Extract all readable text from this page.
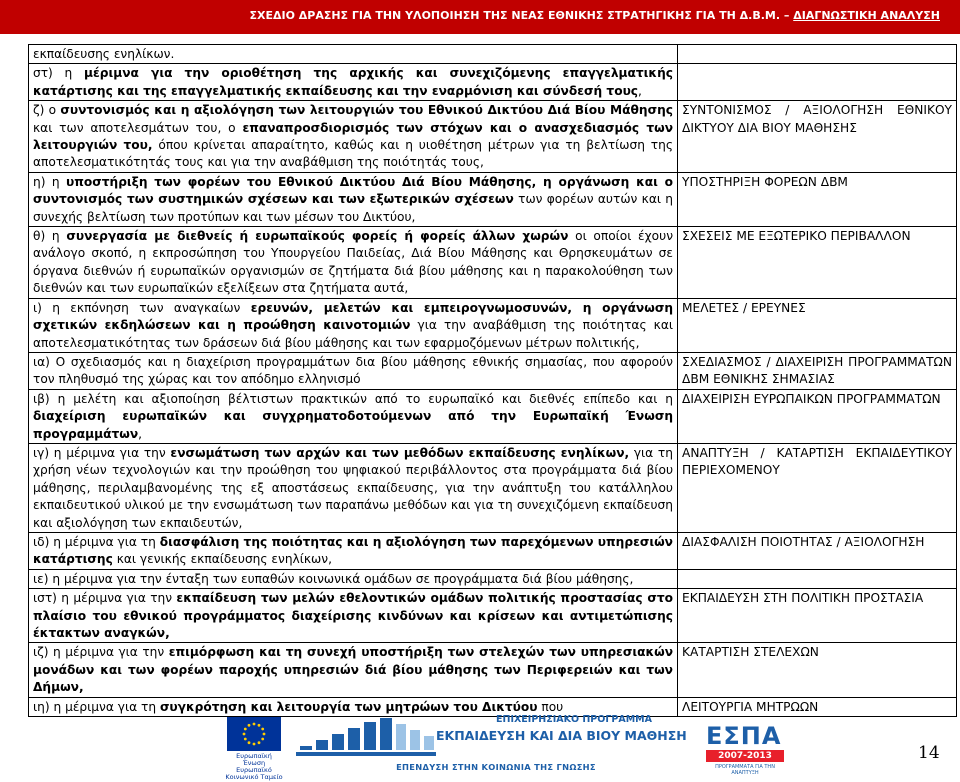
ΣΧΕΔΙΟ ΔΡΑΣΗΣ ΓΙΑ ΤΗΝ ΥΛΟΠΟΙΗΣΗ ΤΗΣ ΝΕΑΣ ΕΘΝΙΚΗΣ ΣΤΡΑΤΗΓΙΚΗΣ ΓΙΑ ΤΗ Δ.Β.Μ. – ΔΙΑΓΝΩΣΤΙΚΗ ΑΝΑΛΥΣΗ
εκπαίδευσης ενηλίκων.	
στ) η μέριμνα για την οριοθέτηση της αρχικής και συνεχιζόμενης επαγγελματικής κατάρτισης και της επαγγελματικής εκπαίδευσης και την εναρμόνιση και σύνδεσή τους,	
ζ) ο συντονισμός και η αξιολόγηση των λειτουργιών του Εθνικού Δικτύου Διά Βίου Μάθησης και των αποτελεσμάτων του, ο επαναπροσδιορισμός των στόχων και ο ανασχεδιασμός των λειτουργιών του, όπου κρίνεται απαραίτητο, καθώς και η υιοθέτηση μέτρων για τη βελτίωση της αποτελεσματικότητάς τους και για την αναβάθμιση της ποιότητάς τους,	ΣΥΝΤΟΝΙΣΜΟΣ / ΑΞΙΟΛΟΓΗΣΗ ΕΘΝΙΚΟΥ ΔΙΚΤΥΟΥ ΔΙΑ ΒΙΟΥ ΜΑΘΗΣΗΣ
η) η υποστήριξη των φορέων του Εθνικού Δικτύου Διά Βίου Μάθησης, η οργάνωση και ο συντονισμός των συστημικών σχέσεων και των εξωτερικών σχέσεων των φορέων αυτών και η συνεχής βελτίωση των προτύπων και των μέσων του Δικτύου,	ΥΠΟΣΤΗΡΙΞΗ ΦΟΡΕΩΝ ΔΒΜ
θ) η συνεργασία με διεθνείς ή ευρωπαϊκούς φορείς ή φορείς άλλων χωρών οι οποίοι έχουν ανάλογο σκοπό, η εκπροσώπηση του Υπουργείου Παιδείας, Διά Βίου Μάθησης και Θρησκευμάτων σε όργανα διεθνών ή ευρωπαϊκών οργανισμών σε ζητήματα διά βίου μάθησης και η παρακολούθηση των διεθνών και των ευρωπαϊκών εξελίξεων στα ζητήματα αυτά,	ΣΧΕΣΕΙΣ ΜΕ ΕΞΩΤΕΡΙΚΟ ΠΕΡΙΒΑΛΛΟΝ
ι) η εκπόνηση των αναγκαίων ερευνών, μελετών και εμπειρογνωμοσυνών, η οργάνωση σχετικών εκδηλώσεων και η προώθηση καινοτομιών για την αναβάθμιση της ποιότητας και αποτελεσματικότητας των δράσεων διά βίου μάθησης και των εφαρμοζόμενων μέτρων πολιτικής,	ΜΕΛΕΤΕΣ / ΕΡΕΥΝΕΣ
ια) Ο σχεδιασμός και η διαχείριση προγραμμάτων δια βίου μάθησης εθνικής σημασίας, που αφορούν τον πληθυσμό της χώρας και τον απόδημο ελληνισμό	ΣΧΕΔΙΑΣΜΟΣ / ΔΙΑΧΕΙΡΙΣΗ ΠΡΟΓΡΑΜΜΑΤΩΝ ΔΒΜ ΕΘΝΙΚΗΣ ΣΗΜΑΣΙΑΣ
ιβ) η μελέτη και αξιοποίηση βέλτιστων πρακτικών από το ευρωπαϊκό και διεθνές επίπεδο και η διαχείριση ευρωπαϊκών και συγχρηματοδοτούμενων από την Ευρωπαϊκή Ένωση προγραμμάτων,	ΔΙΑΧΕΙΡΙΣΗ ΕΥΡΩΠΑΙΚΩΝ ΠΡΟΓΡΑΜΜΑΤΩΝ
ιγ) η μέριμνα για την ενσωμάτωση των αρχών και των μεθόδων εκπαίδευσης ενηλίκων, για τη χρήση νέων τεχνολογιών και την προώθηση του ψηφιακού περιβάλλοντος στα προγράμματα διά βίου μάθησης, περιλαμβανομένης της εξ αποστάσεως εκπαίδευσης, για την ανάπτυξη του κατάλληλου εκπαιδευτικού υλικού με την ενσωμάτωση των παραπάνω μεθόδων και για τη συνεχιζόμενη εκπαίδευση και αξιολόγηση των εκπαιδευτών,	ΑΝΑΠΤΥΞΗ / ΚΑΤΑΡΤΙΣΗ ΕΚΠΑΙΔΕΥΤΙΚΟΥ ΠΕΡΙΕΧΟΜΕΝΟΥ
ιδ) η μέριμνα για τη διασφάλιση της ποιότητας και η αξιολόγηση των παρεχόμενων υπηρεσιών κατάρτισης και γενικής εκπαίδευσης ενηλίκων,	ΔΙΑΣΦΑΛΙΣΗ ΠΟΙΟΤΗΤΑΣ / ΑΞΙΟΛΟΓΗΣΗ
ιε) η μέριμνα για την ένταξη των ευπαθών κοινωνικά ομάδων σε προγράμματα διά βίου μάθησης,	
ιστ) η μέριμνα για την εκπαίδευση των μελών εθελοντικών ομάδων πολιτικής προστασίας στο πλαίσιο του εθνικού προγράμματος διαχείρισης κινδύνων και κρίσεων και αντιμετώπισης έκτακτων αναγκών,	ΕΚΠΑΙΔΕΥΣΗ ΣΤΗ ΠΟΛΙΤΙΚΗ ΠΡΟΣΤΑΣΙΑ
ιζ) η μέριμνα για την επιμόρφωση και τη συνεχή υποστήριξη των στελεχών των υπηρεσιακών μονάδων και των φορέων παροχής υπηρεσιών διά βίου μάθησης των Περιφερειών και των Δήμων,	ΚΑΤΑΡΤΙΣΗ ΣΤΕΛΕΧΩΝ
ιη) η μέριμνα για τη συγκρότηση και λειτουργία των μητρώων του Δικτύου που	ΛΕΙΤΟΥΡΓΙΑ ΜΗΤΡΩΩΝ
Ευρωπαϊκή Ένωση
Ευρωπαϊκό Κοινωνικό Ταμείο
ΕΠΙΧΕΙΡΗΣΙΑΚΟ ΠΡΟΓΡΑΜΜΑ
ΕΚΠΑΙΔΕΥΣΗ ΚΑΙ ΔΙΑ ΒΙΟΥ ΜΑΘΗΣΗ
ΕΠΕΝΔΥΣΗ ΣΤΗΝ ΚΟΙΝΩΝΙΑ ΤΗΣ ΓΝΩΣΗΣ
ΕΣΠΑ
2007-2013
ΠΡΟΓΡΑΜΜΑΤΑ ΓΙΑ ΤΗΝ ΑΝΑΠΤΥΞΗ
14
